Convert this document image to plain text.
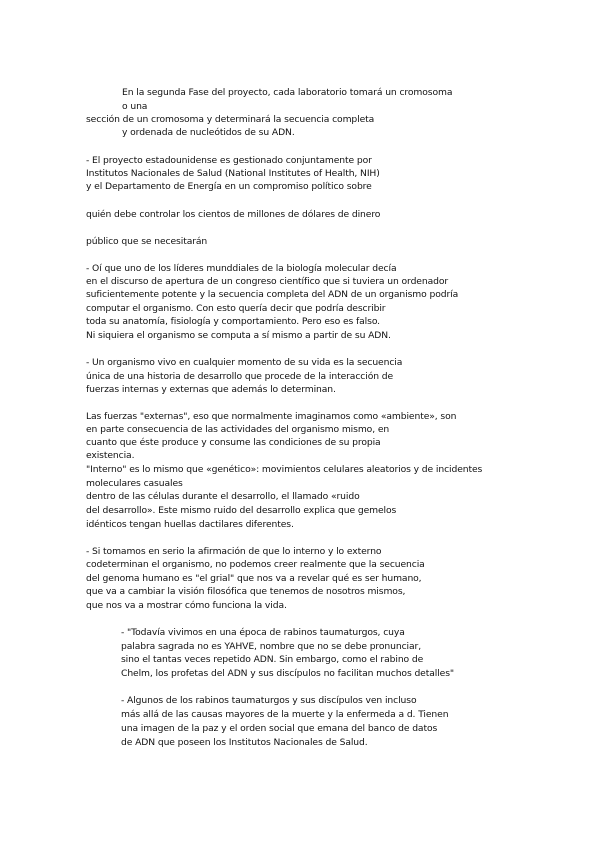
En la segunda Fase del proyecto, cada laboratorio tomará un cromosoma
o una
sección de un cromosoma y determinará la secuencia completa
y ordenada de nucleótidos de su ADN.
- El proyecto estadounidense es gestionado conjuntamente por
Institutos Nacionales de Salud (National Institutes of Health, NIH)
y el Departamento de Energía en un compromiso político sobre
quién debe controlar los cientos de millones de dólares de dinero
público que se necesitarán
- Oí que uno de los líderes munddiales de la biología molecular decía
en el discurso de apertura de un congreso científico que si tuviera un ordenador
suficientemente potente y la secuencia completa del ADN de un organismo podría
computar el organismo. Con esto quería decir que podría describir
toda su anatomía, fisiología y comportamiento. Pero eso es falso.
Ni siquiera el organismo se computa a sí mismo a partir de su ADN.
- Un organismo vivo en cualquier momento de su vida es la secuencia
única de una historia de desarrollo que procede de la interacción de
fuerzas internas y externas que además lo determinan.
Las fuerzas "externas", eso que normalmente imaginamos como «ambiente», son
en parte consecuencia de las actividades del organismo mismo, en
cuanto que éste produce y consume las condiciones de su propia
existencia.
"Interno" es lo mismo que «genético»: movimientos celulares aleatorios y de incidentes
moleculares casuales
dentro de las células durante el desarrollo, el llamado «ruido
del desarrollo». Este mismo ruido del desarrollo explica que gemelos
idénticos tengan huellas dactilares diferentes.
- Si tomamos en serio la afirmación de que lo interno y lo externo
codeterminan el organismo, no podemos creer realmente que la secuencia
del genoma humano es "el grial" que nos va a revelar qué es ser humano,
que va a cambiar la visión filosófica que tenemos de nosotros mismos,
que nos va a mostrar cómo funciona la vida.
- "Todavía vivimos en una época de rabinos taumaturgos, cuya
palabra sagrada no es YAHVE, nombre que no se debe pronunciar,
sino el tantas veces repetido ADN. Sin embargo, como el rabino de
Chelm, los profetas del ADN y sus discípulos no facilitan muchos detalles"
- Algunos de los rabinos taumaturgos y sus discípulos ven incluso
más allá de las causas mayores de la muerte y la enfermeda a d. Tienen
una imagen de la paz y el orden social que emana del banco de datos
de ADN que poseen los Institutos Nacionales de Salud.
